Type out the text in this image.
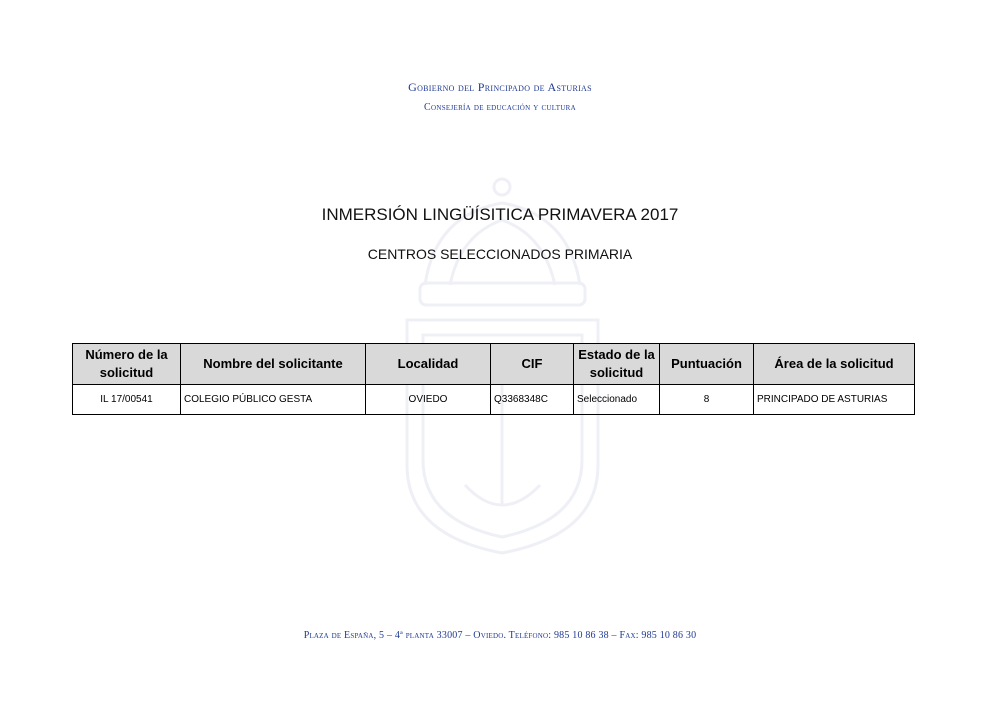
Gobierno del Principado de Asturias
Consejería de educación y cultura
INMERSIÓN LINGÜÍSITICA PRIMAVERA 2017
CENTROS SELECCIONADOS PRIMARIA
Número de la solicitud	Nombre del solicitante	Localidad	CIF	Estado de la solicitud	Puntuación	Área de la solicitud
IL 17/00541	COLEGIO PÚBLICO GESTA	OVIEDO	Q3368348C	Seleccionado	8	PRINCIPADO DE ASTURIAS
Plaza de España, 5 – 4ª planta 33007 – Oviedo. Teléfono: 985 10 86 38 – Fax: 985 10 86 30
